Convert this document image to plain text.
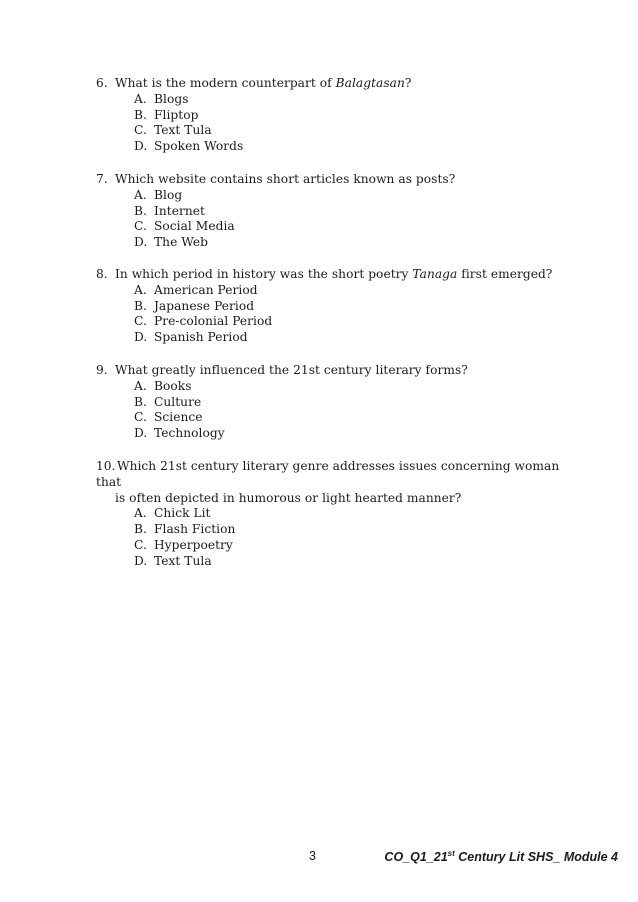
6. What is the modern counterpart of Balagtasan?
A. Blogs
B. Fliptop
C. Text Tula
D. Spoken Words
7. Which website contains short articles known as posts?
A. Blog
B. Internet
C. Social Media
D. The Web
8. In which period in history was the short poetry Tanaga first emerged?
A. American Period
B. Japanese Period
C. Pre-colonial Period
D. Spanish Period
9. What greatly influenced the 21st century literary forms?
A. Books
B. Culture
C. Science
D. Technology
10.Which 21st century literary genre addresses issues concerning woman that
is often depicted in humorous or light hearted manner?
A. Chick Lit
B. Flash Fiction
C. Hyperpoetry
D. Text Tula
3	CO_Q1_21st Century Lit SHS_ Module 4
